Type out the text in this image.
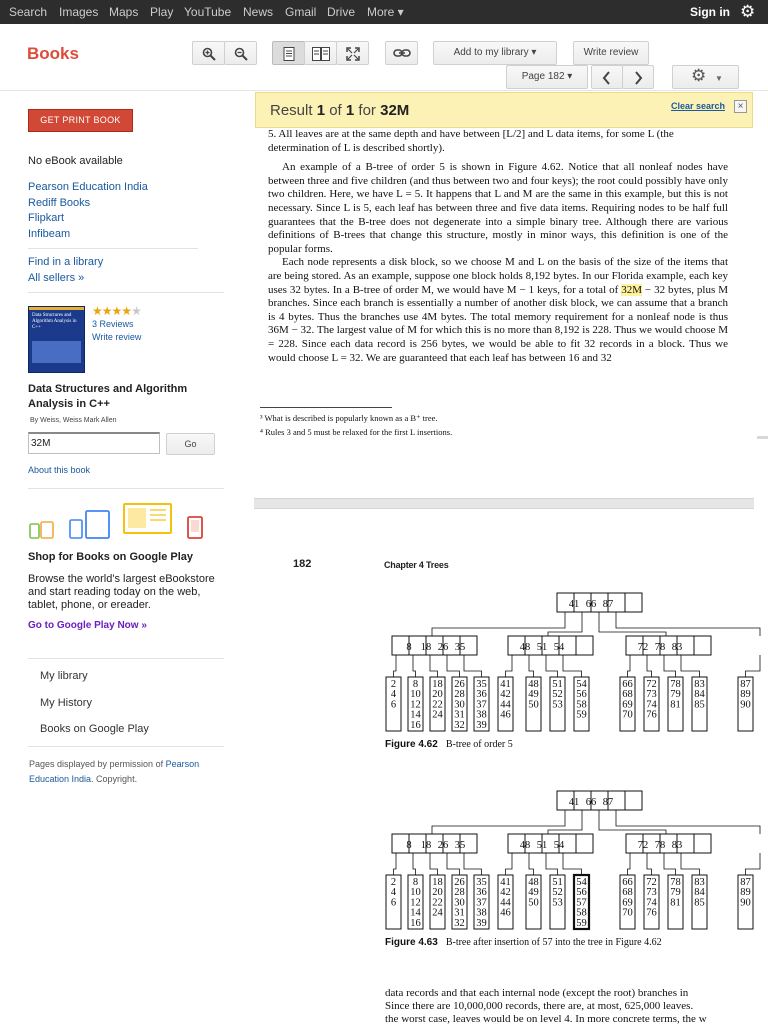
Search Images Maps Play YouTube News Gmail Drive More ▾	Sign in ⚙
Books	Add to my library ▾	Write review
Page 182 ▾	⚙ ▼
GET PRINT BOOK
No eBook available
Pearson Education India
Rediff Books
Flipkart
Infibeam
Find in a library
All sellers »
Data Structures and Algorithm Analysis in C++
★★★★★
3 Reviews
Write review
Data Structures and Algorithm Analysis in C++
By Weiss, Weiss Mark Allen
32M
Go
About this book
Shop for Books on Google Play
Browse the world's largest eBookstore and start reading today on the web, tablet, phone, or ereader.
Go to Google Play Now »
My library
My History
Books on Google Play
Pages displayed by permission of Pearson Education India. Copyright.

5. All leaves are at the same depth and have between [L/2] and L data items, for some L (the determination of L is described shortly).

An example of a B-tree of order 5 is shown in Figure 4.62. Notice that all nonleaf nodes have between three and five children (and thus between two and four keys); the root could possibly have only two children. Here, we have L = 5. It happens that L and M are the same in this example, but this is not necessary. Since L is 5, each leaf has between three and five data items. Requiring nodes to be half full guarantees that the B-tree does not degenerate into a simple binary tree. Although there are various definitions of B-trees that change this structure, mostly in minor ways, this definition is one of the popular forms.

Each node represents a disk block, so we choose M and L on the basis of the size of the items that are being stored. As an example, suppose one block holds 8,192 bytes. In our Florida example, each key uses 32 bytes. In a B-tree of order M, we would have M − 1 keys, for a total of 32M − 32 bytes, plus M branches. Since each branch is essentially a number of another disk block, we can assume that a branch is 4 bytes. Thus the branches use 4M bytes. The total memory requirement for a nonleaf node is thus 36M − 32. The largest value of M for which this is no more than 8,192 is 228. Thus we would choose M = 228. Since each data record is 256 bytes, we would be able to fit 32 records in a block. Thus we would choose L = 32. We are guaranteed that each leaf has between 16 and 32

Result 1 of 1 for 32M	Clear search	×
³ What is described is popularly known as a B⁺ tree.
⁴ Rules 3 and 5 must be relaxed for the first L insertions.
182	Chapter 4 Trees
41 66 87
8 18 26 35	48 51 54	72 78 83
2
4
6
8
10
12
14
16
18
20
22
24
26
28
30
31
32
35
36
37
38
39
41
42
44
46
48
49
50
51
52
53
54
56
58
59
66
68
69
70
72
73
74
76
78
79
81
83
84
85
87
89
90
Figure 4.62 B-tree of order 5
41 66 87
8 18 26 35	48 51 54	72 78 83
2
4
6
8
10
12
14
16
18
20
22
24
26
28
30
31
32
35
36
37
38
39
41
42
44
46
48
49
50
51
52
53
54
56
57
58
59
66
68
69
70
72
73
74
76
78
79
81
83
84
85
87
89
90
Figure 4.63 B-tree after insertion of 57 into the tree in Figure 4.62
data records and that each internal node (except the root) branches in
Since there are 10,000,000 records, there are, at most, 625,000 leaves.
the worst case, leaves would be on level 4. In more concrete terms, the w
